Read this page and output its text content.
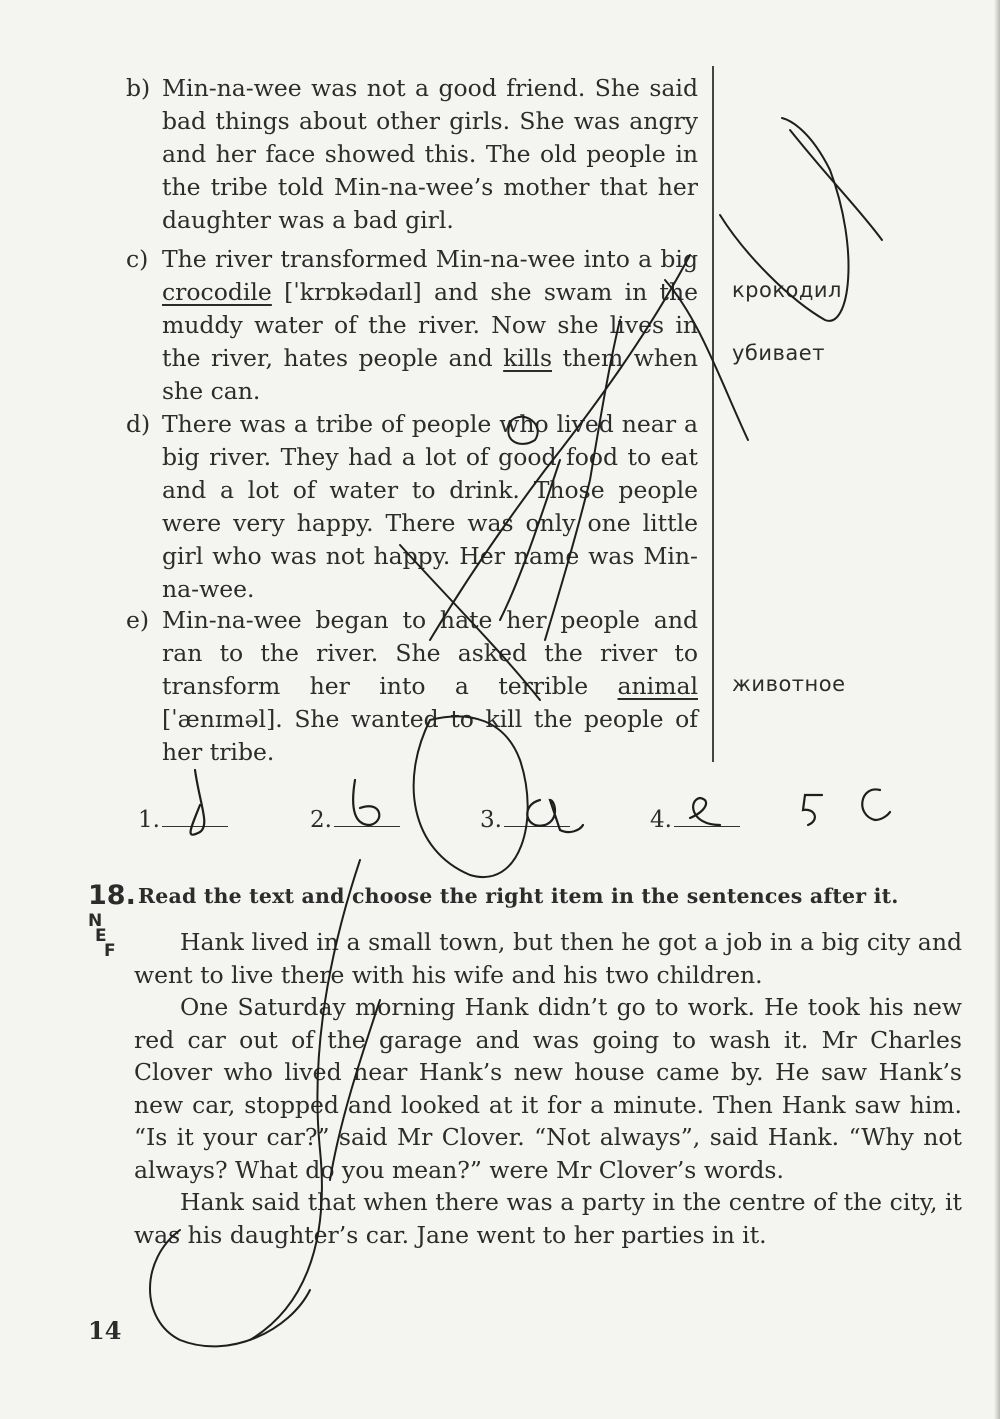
b) Min-na-wee was not a good friend. She said bad things about other girls. She was angry and her face showed this. The old people in the tribe told Min-na-wee’s mother that her daughter was a bad girl.
c) The river transformed Min-na-wee into a big crocodile [ˈkrɒkədaɪl] and she swam in the muddy water of the river. Now she lives in the river, hates people and kills them when she can.
d) There was a tribe of people who lived near a big river. They had a lot of good food to eat and a lot of water to drink. Those people were very happy. There was only one little girl who was not happy. Her name was Min-na-wee.
e) Min-na-wee began to hate her people and ran to the river. She asked the river to transform her into a terrible animal [ˈænɪməl]. She wanted to kill the people of her tribe.
крокодил
убивает
животное
1.	2.	3.	4.
18. Read the text and choose the right item in the sentences after it.
N
E
F	Hank lived in a small town, but then he got a job in a big city and went to live there with his wife and his two children.

One Saturday morning Hank didn’t go to work. He took his new red car out of the garage and was going to wash it. Mr Charles Clover who lived near Hank’s new house came by. He saw Hank’s new car, stopped and looked at it for a minute. Then Hank saw him. “Is it your car?” said Mr Clover. “Not always”, said Hank. “Why not always? What do you mean?” were Mr Clover’s words.

Hank said that when there was a party in the centre of the city, it was his daughter’s car. Jane went to her parties in it.

14
